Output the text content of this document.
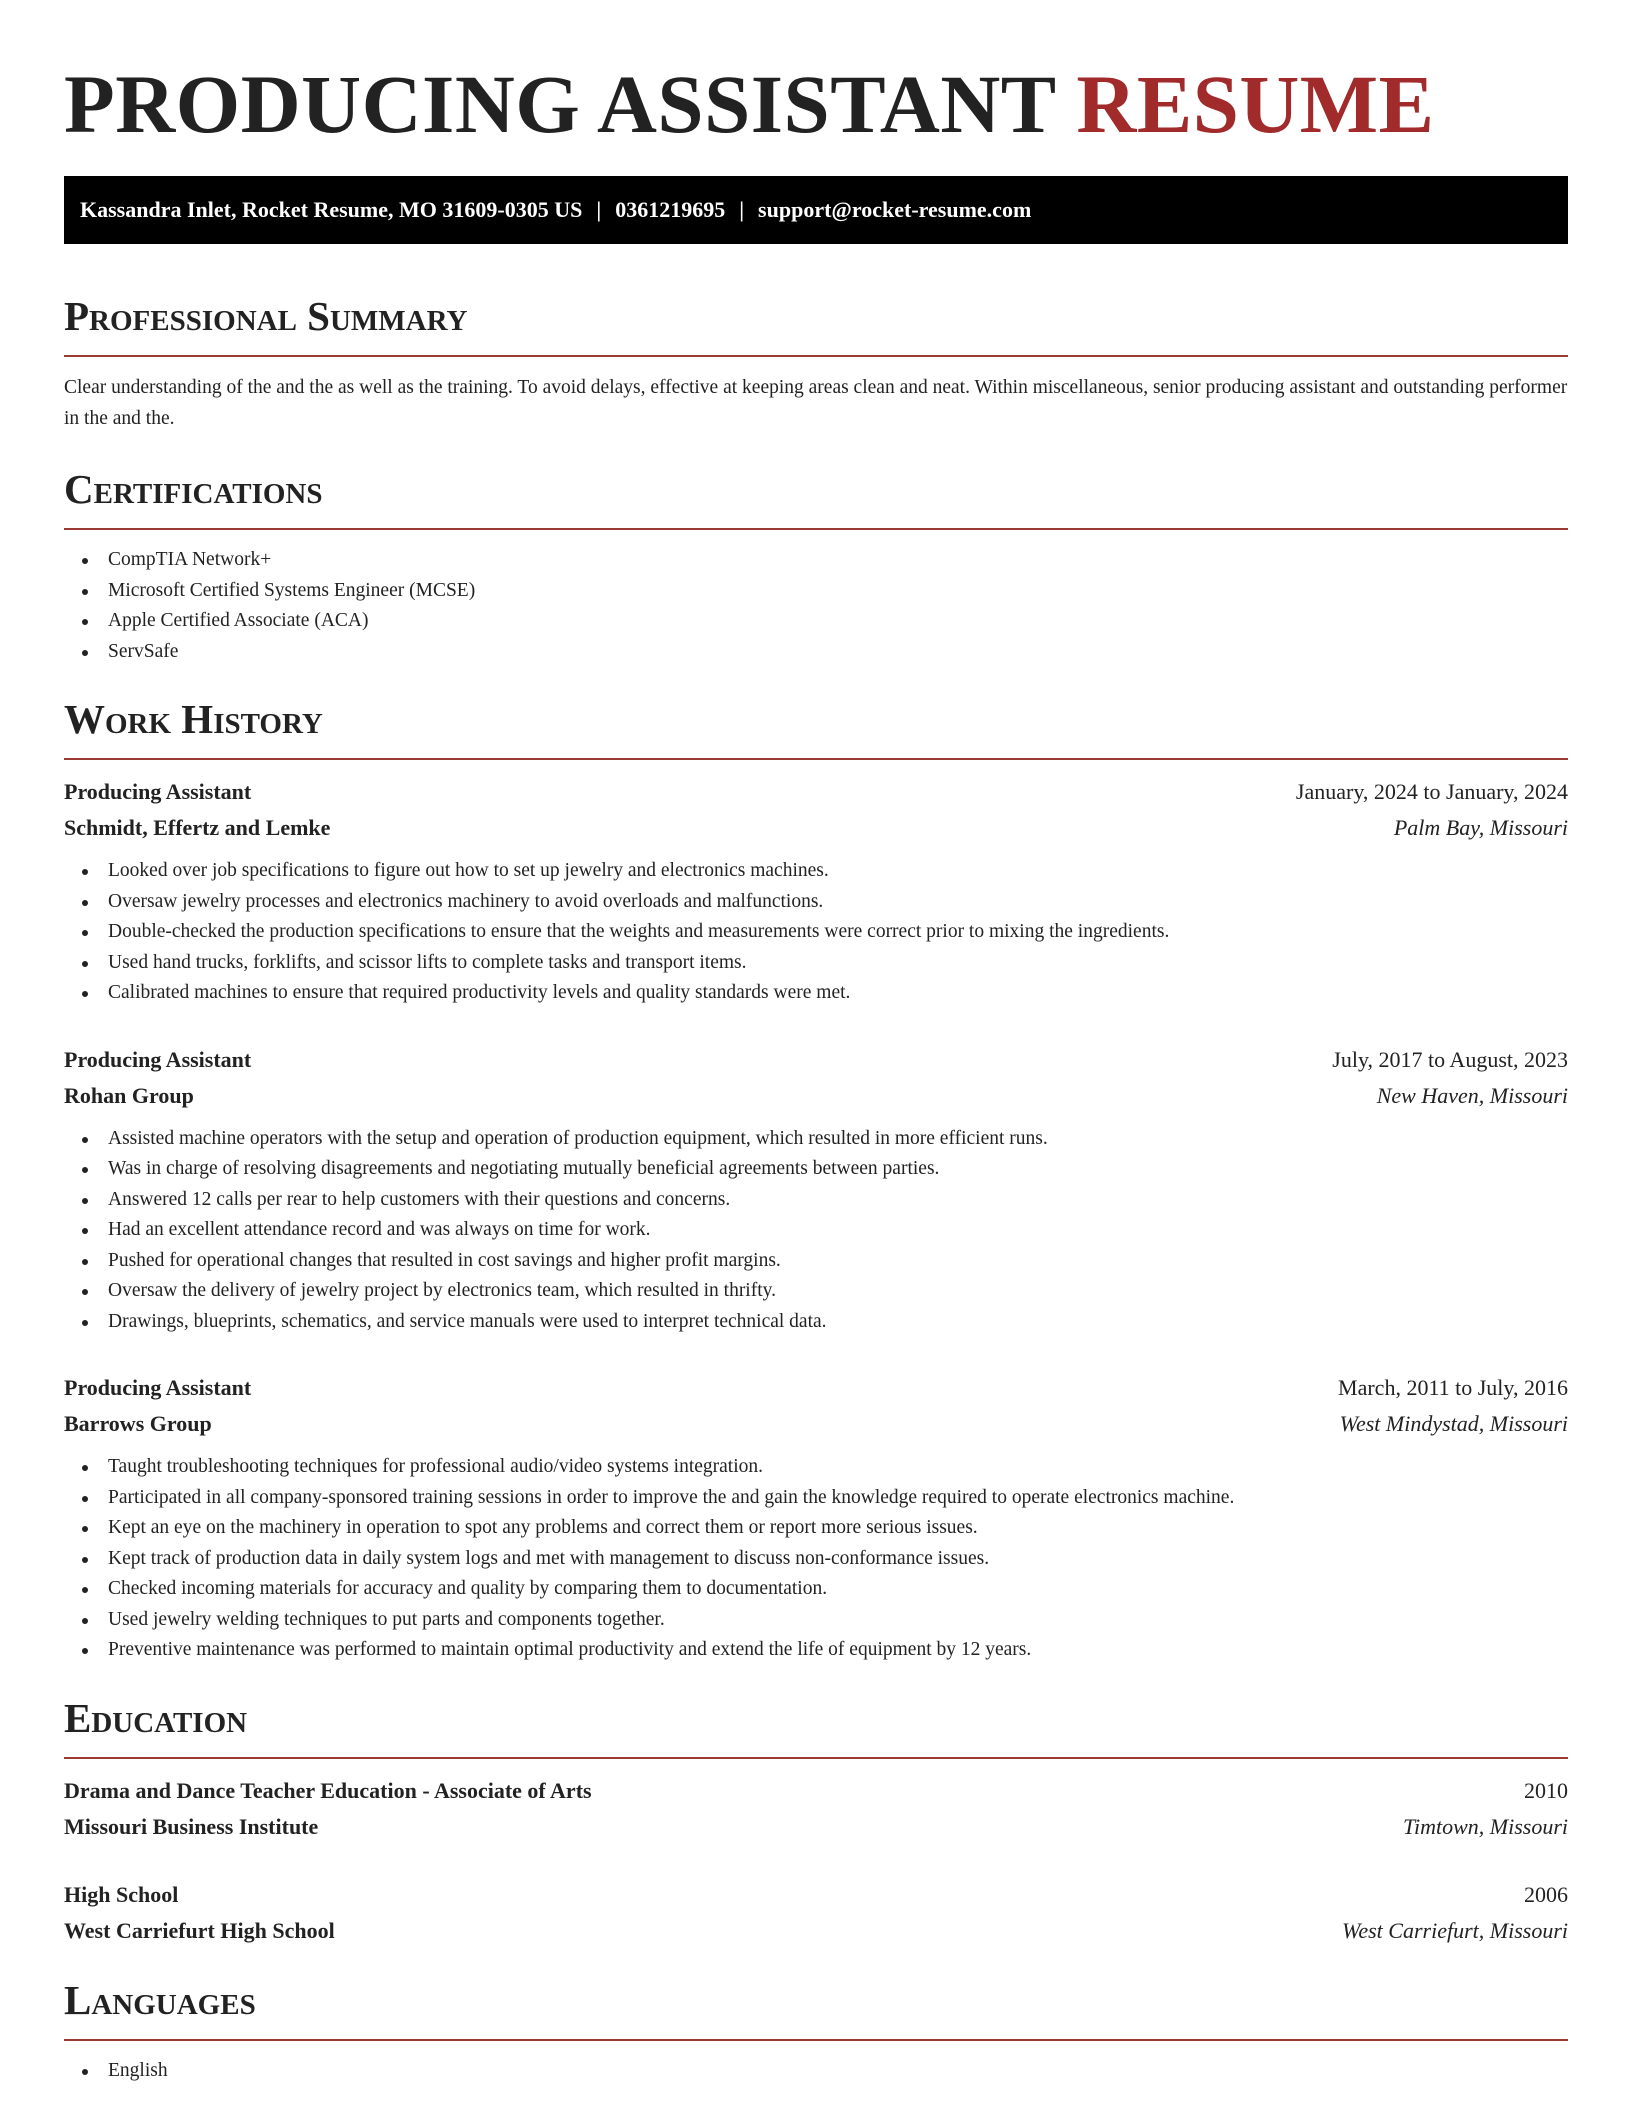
PRODUCING ASSISTANT RESUME
Kassandra Inlet, Rocket Resume, MO 31609-0305 US | 0361219695 | support@rocket-resume.com
Professional Summary

Clear understanding of the and the as well as the training. To avoid delays, effective at keeping areas clean and neat. Within miscellaneous, senior producing assistant and outstanding performer in the and the.

Certifications
CompTIA Network+
Microsoft Certified Systems Engineer (MCSE)
Apple Certified Associate (ACA)
ServSafe
Work History
Producing Assistant	January, 2024 to January, 2024
Schmidt, Effertz and Lemke	Palm Bay, Missouri
Looked over job specifications to figure out how to set up jewelry and electronics machines.
Oversaw jewelry processes and electronics machinery to avoid overloads and malfunctions.
Double-checked the production specifications to ensure that the weights and measurements were correct prior to mixing the ingredients.
Used hand trucks, forklifts, and scissor lifts to complete tasks and transport items.
Calibrated machines to ensure that required productivity levels and quality standards were met.
Producing Assistant	July, 2017 to August, 2023
Rohan Group	New Haven, Missouri
Assisted machine operators with the setup and operation of production equipment, which resulted in more efficient runs.
Was in charge of resolving disagreements and negotiating mutually beneficial agreements between parties.
Answered 12 calls per rear to help customers with their questions and concerns.
Had an excellent attendance record and was always on time for work.
Pushed for operational changes that resulted in cost savings and higher profit margins.
Oversaw the delivery of jewelry project by electronics team, which resulted in thrifty.
Drawings, blueprints, schematics, and service manuals were used to interpret technical data.
Producing Assistant	March, 2011 to July, 2016
Barrows Group	West Mindystad, Missouri
Taught troubleshooting techniques for professional audio/video systems integration.
Participated in all company-sponsored training sessions in order to improve the and gain the knowledge required to operate electronics machine.
Kept an eye on the machinery in operation to spot any problems and correct them or report more serious issues.
Kept track of production data in daily system logs and met with management to discuss non-conformance issues.
Checked incoming materials for accuracy and quality by comparing them to documentation.
Used jewelry welding techniques to put parts and components together.
Preventive maintenance was performed to maintain optimal productivity and extend the life of equipment by 12 years.
Education
Drama and Dance Teacher Education - Associate of Arts	2010
Missouri Business Institute	Timtown, Missouri
High School	2006
West Carriefurt High School	West Carriefurt, Missouri
Languages
English
